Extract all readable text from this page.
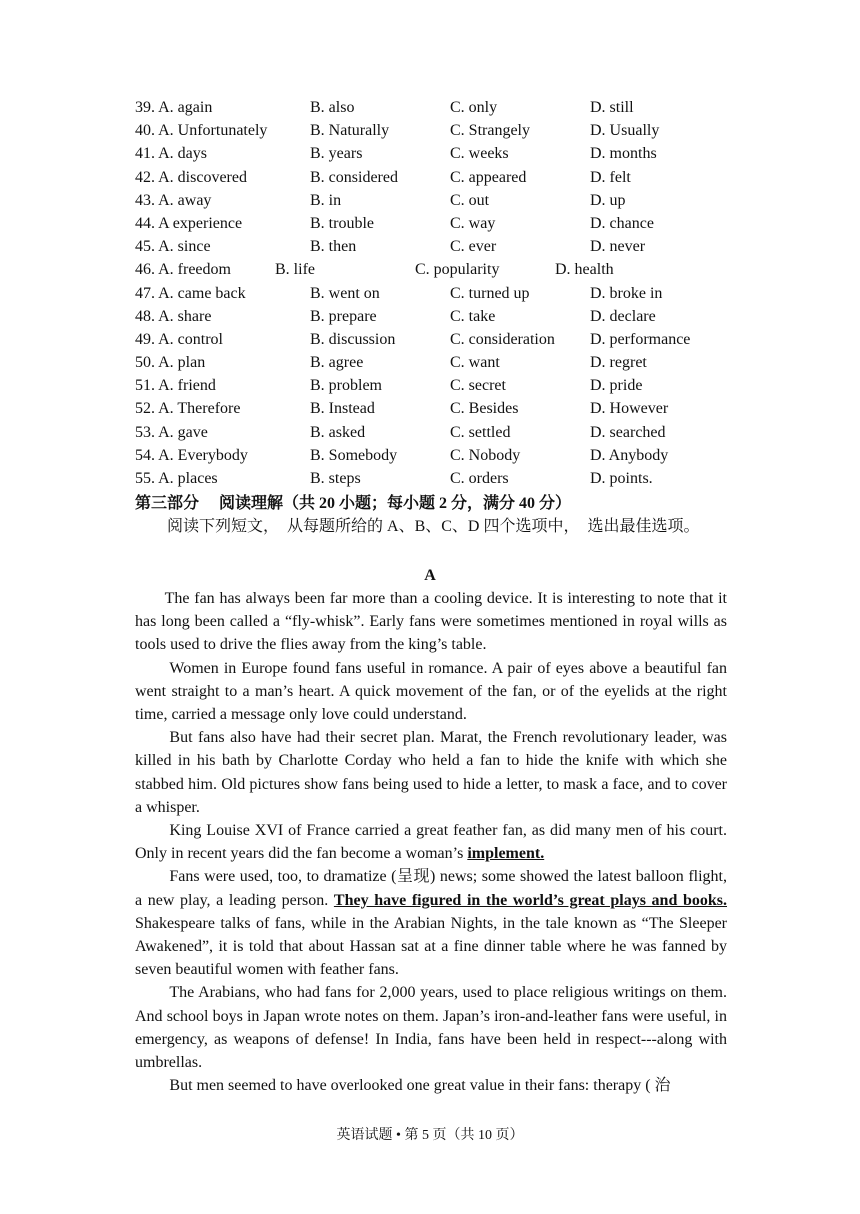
39. A. again	B. also	C. only	D. still
40. A. Unfortunately	B. Naturally	C. Strangely	D. Usually
41. A. days	B. years	C. weeks	D. months
42. A. discovered	B. considered	C. appeared	D. felt
43. A. away	B. in	C. out	D. up
44. A experience	B. trouble	C. way	D. chance
45. A. since	B. then	C. ever	D. never
46. A. freedom	B. life	C. popularity	D. health
47. A. came back	B. went on	C. turned up	D. broke in
48. A. share	B. prepare	C. take	D. declare
49. A. control	B. discussion	C. consideration D. performance
50. A. plan	B. agree	C. want	D. regret
51. A. friend	B. problem	C. secret	D. pride
52. A. Therefore	B. Instead	C. Besides	D. However
53. A. gave	B. asked	C. settled	D. searched
54. A. Everybody	B. Somebody	C. Nobody	D. Anybody
55. A. places	B. steps	C. orders	D. points.
第三部分 阅读理解（共 20 小题；每小题 2 分，满分 40 分）
阅读下列短文， 从每题所给的 A、B、C、D 四个选项中， 选出最佳选项。
A

The fan has always been far more than a cooling device. It is interesting to note that it has long been called a “fly-whisk”. Early fans were sometimes mentioned in royal wills as tools used to drive the flies away from the king’s table.

Women in Europe found fans useful in romance. A pair of eyes above a beautiful fan went straight to a man’s heart. A quick movement of the fan, or of the eyelids at the right time, carried a message only love could understand.

But fans also have had their secret plan. Marat, the French revolutionary leader, was killed in his bath by Charlotte Corday who held a fan to hide the knife with which she stabbed him. Old pictures show fans being used to hide a letter, to mask a face, and to cover a whisper.

King Louise XVI of France carried a great feather fan, as did many men of his court. Only in recent years did the fan become a woman’s implement.

Fans were used, too, to dramatize (呈现) news; some showed the latest balloon flight, a new play, a leading person. They have figured in the world’s great plays and books. Shakespeare talks of fans, while in the Arabian Nights, in the tale known as “The Sleeper Awakened”, it is told that about Hassan sat at a fine dinner table where he was fanned by seven beautiful women with feather fans.

The Arabians, who had fans for 2,000 years, used to place religious writings on them. And school boys in Japan wrote notes on them. Japan’s iron-and-leather fans were useful, in emergency, as weapons of defense! In India, fans have been held in respect---along with umbrellas.

But men seemed to have overlooked one great value in their fans: therapy ( 治

英语试题 • 第 5 页（共 10 页）
